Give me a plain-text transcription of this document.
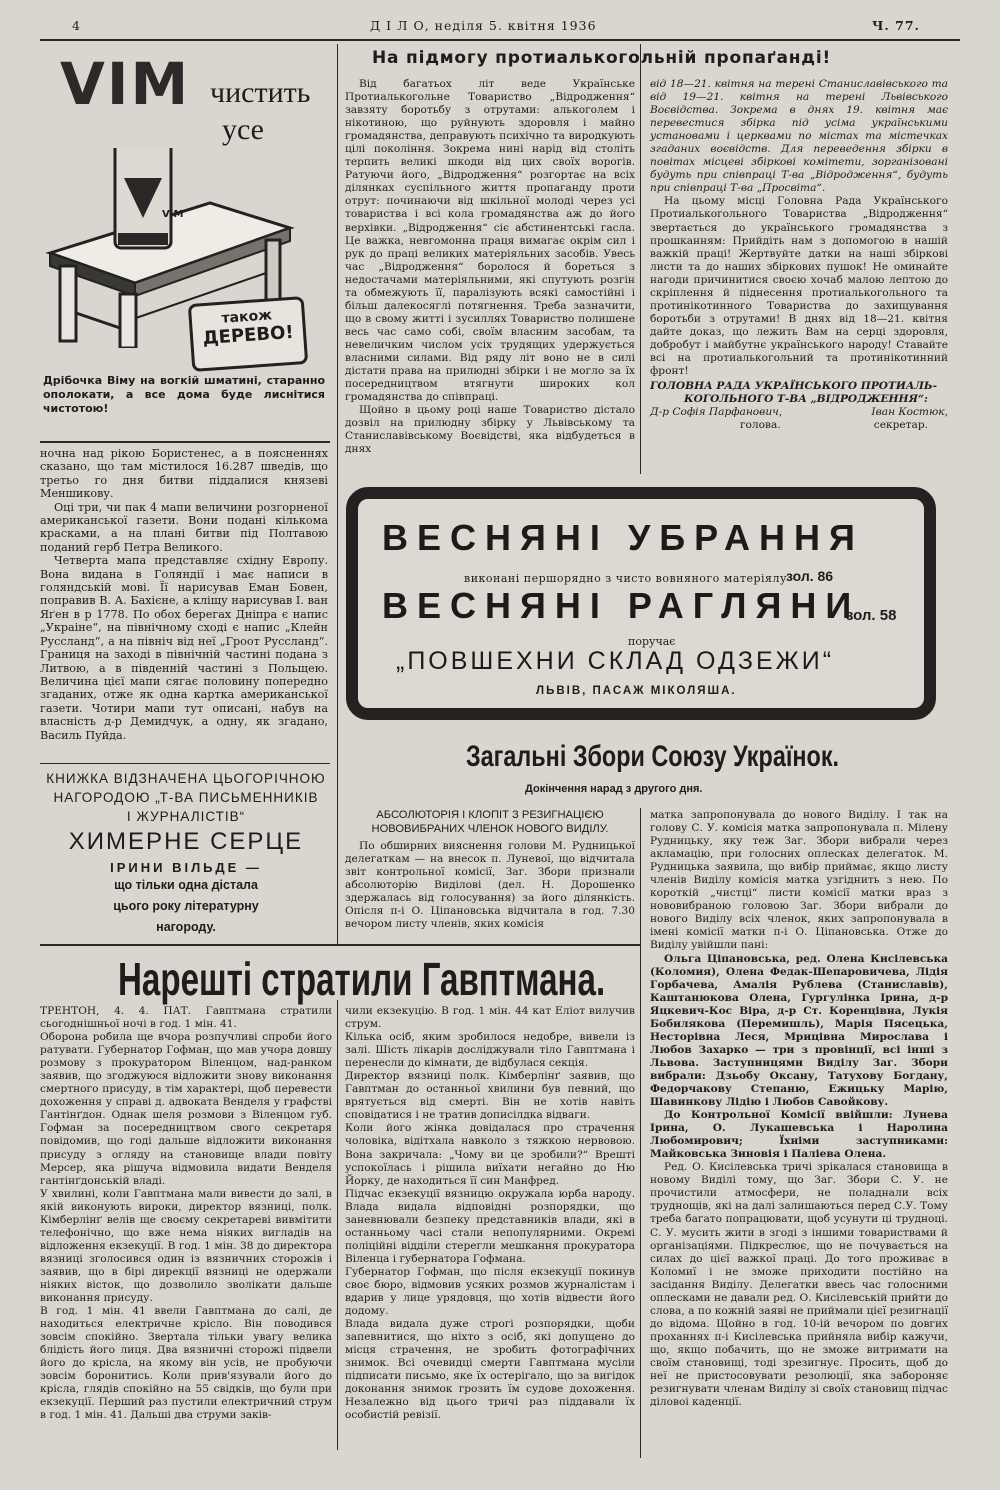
4	Д І Л О, неділя 5. квітня 1936	Ч. 77.
VIM чистить
усе
VIM
також
ДЕРЕВО!
Дрібочка Віму на вогкій шматині, старанно ополокати, а все дома буде лиснітися чистотою!

ночна над рікою Бористенес, а в поясненнях сказано, що там містилося 16.287 шведів, що третьо го дня битви піддалися князеві Меншикову.

Оці три, чи пак 4 мапи величини розгорненої американської газети. Вони подані кількома красками, а на плані битви під Полтавою поданий герб Петра Великого.

Четверта мапа представляє східну Европу. Вона видана в Голяндії і має написи в голяндській мові. Її нарисував Еман Бовен, поправив В. А. Бахієне, а кліщу нарисував І. ван Яґен в р 1778. По обох берегах Дніпра є напис „Украіне“, на північному сході є напис „Клейн Руссланд“, а на північ від неї „Гроот Руссланд“. Границя на заході в північній частині подана з Литвою, а в південній частині з Польщею. Величина цієї мапи сягає половину попередно згаданих, отже як одна картка американської газети. Чотири мапи тут описані, набув на власність д-р Демидчук, а одну, як згадано, Василь Пуйда.

КНИЖКА ВІДЗНАЧЕНА ЦЬОГОРІЧНОЮ
НАГОРОДОЮ „Т-ВА ПИСЬМЕННИКІВ
І ЖУРНАЛІСТІВ“
ХИМЕРНЕ СЕРЦЕ
ІРИНИ ВІЛЬДЕ —
що тільки одна дістала
цього року літературну
нагороду.
На підмогу протиалькогольній пропаґанді!

Від багатьох літ веде Українське Протиалькогольне Товариство „Відродження“ завзяту боротьбу з отрутами: алькоголем і нікотиною, що руйнують здоровля і майно громадянства, деправують психічно та виродкують цілі покоління. Зокрема нині нарід від століть терпить великі шкоди від цих своїх ворогів. Ратуючи його, „Відродження“ розгортає на всіх ділянках суспільного життя пропаганду проти отрут: починаючи від шкільної молоді через усі товариства і всі кола громадянства аж до його верхівки. „Відродження“ сіє абстинентські гасла. Це важка, невгомонна праця вимагає окрім сил і рук до праці великих матеріяльних засобів. Увесь час „Відродження“ боролося й бореться з недостачами матеріяльними, які спутують розгін та обмежують її, паралізують всякі самостійні і більш далекосяглі потягнення. Треба зазначити, що в свому житті і зусиллях Товариство полишене весь час само собі, своїм власним засобам, та невеличким числом усіх трудящих удержується власними силами. Від ряду літ воно не в силі дістати права на прилюдні збірки і не могло за їх посередництвом втягнути широких кол громадянства до співпраці.

Щойно в цьому році наше Товариство дістало дозвіл на прилюдну збірку у Львівському та Станиславівському Воєвідстві, яка відбудеться в днях

від 18—21. квітня на терені Станиславівського та від 19—21. квітня на терені Львівського Воєвідства. Зокрема в днях 19. квітня має перевестися збірка під усіма українськими установами і церквами по містах та містечках згаданих воєвідств. Для переведення збірки в повітах місцеві збіркові комітети, зорганізовані будуть при співпраці Т-ва „Відродження“, будуть при співпраці Т-ва „Просвіта“.

На цьому місці Головна Рада Українського Протиалькогольного Товариства „Відродження“ звертається до українського громадянства з прошканням: Прийдіть нам з допомогою в нашій важкій праці! Жертвуйте датки на наші збіркові листи та до наших збіркових пушок! Не оминайте нагоди причинитися своєю хочаб малою лептою до скріплення й піднесення протиалькогольного та протинікотинного Товариства до захищування боротьби з отрутами! В днях від 18—21. квітня дайте доказ, що лежить Вам на серці здоровля, добробут і майбутнє українського народу! Ставайте всі на протиалькогольний та протинікотинний фронт!

ГОЛОВНА РАДА УКРАЇНСЬКОГО ПРОТИАЛЬ-
КОГОЛЬНОГО Т-ВА „ВІДРОДЖЕННЯ“:
Д-р Софія Парфанович,	Іван Костюк,
голова.	секретар.
ВЕСНЯНІ УБРАННЯ
виконані першорядно з чисто вовняного матеріялу зол. 86
ВЕСНЯНІ РАГЛЯНИ
зол. 58
поручає
„ПОВШЕХНИ СКЛАД ОДЗЕЖИ“
ЛЬВІВ, ПАСАЖ МІКОЛЯША.
Загальні Збори Союзу Українок.
Докінчення нарад з другого дня.
АБСОЛЮТОРІЯ І КЛОПІТ З РЕЗИГНАЦІЄЮ
НОВОВИБРАНИХ ЧЛЕНОК НОВОГО ВИДІЛУ.

По обширних вияснення голови М. Рудницької делегаткам — на внесок п. Луневої, що відчитала звіт контрольної комісії, Заг. Збори признали абсолюторію Виділові (дел. Н. Дорошенко здержалась від голосування) за його ділянкість. Опісля п-і О. Ціпановська відчитала в год. 7.30 вечором листу членів, яких комісія

матка запропонувала до нового Виділу. І так на голову С. У. комісія матка запропонувала п. Мілену Рудницьку, яку теж Заг. Збори вибрали через акламацію, при голосних оплесках делегаток. М. Рудницька заявила, що вибір приймає, якщо листу членів Виділу комісія матка узгіднить з нею. По короткій „чистці“ листи комісії матки враз з нововибраною головою Заг. Збори вибрали до нового Виділу всіх членок, яких запропонувала в імені комісії матки п-і О. Ціпановська. Отже до Виділу увійшли пані:

Ольга Ціпановська, ред. Олена Кисілевська (Коломия), Олена Федак-Шепаровичева, Лідія Горбачева, Амалія Рублева (Станиславів), Каштанюкова Олена, Гургулінка Ірина, д-р Яцкевич-Кос Віра, д-р Ст. Коренцівна, Лукія Бобилякова (Перемишль), Марія Пясецька, Несторівна Леся, Мриців​на Мирослава і Любов Захарко — три з провінції, всі інші з Львова. Заступницями Виділу Заг. Збори вибрали: Дзьобу Оксану, Татухову Богдану, Федорчакову Степаню, Ежицьку Марію, Шавинкову Лідію і Любов Савойкову.

До Контрольної Комісії ввійшли: Лунева Ірина, О. Лукашевська і Наролина Любомирович; Їхніми заступниками: Майковська Зинов​ія і Паліева Олена.

Ред. О. Кисілевська тричі зрікалася становища в новому Виділі тому, що Заг. Збори С. У. не прочистили атмосфери, не поладнали всіх труднощів, які на далі залишаються перед С.У. Тому треба багато попрацювати, щоб усунути ці трудноці. С. У. мусить жити в згоді з іншими товариствами й організаціями. Підкреслює, що не почувається на силах до цієї важкої праці. До того проживає в Коломиї і не зможе приходити постійно на засідання Виділу. Делегатки ввесь час голосними оплесками не давали ред. О. Кисілевській прийти до слова, а по кожній заяві не приймали цієї резигнації до відома. Щойно в год. 10-ій вечором по довгих проханнях п-і Кисілевська прийняла вибір кажучи, що, якщо побачить, що не зможе витримати на своїм становищі, тоді зрезигнує. Просить, щоб до неї не пристосовувати резолюції, яка забороняє резигнувати членам Виділу зі своїх становищ підчас діловоі каденції.

Нарешті стратили Гавптмана.
ТРЕНТОН, 4. 4. ПАТ. Гавптмана стратили сьогоднішньої ночі в год. 1 мін. 41.
Оборона робила ще вчора розпучливі спроби його ратувати. Губернатор Гофман, що мав учора довшу розмову з прокуратором Віленцом, над-ранком заявив, що згоджуюся відложити знову виконання смертного присуду, в тім характері, щоб перевести дохоження у справі д. адвоката Венделя у графстві Гантінґдон. Однак шеля розмови з Віленцом губ. Гофман за посередництвом свого секретаря повідомив, що годі дальше відложити виконання присуду з огляду на становище влади повіту Мерсер, яка рішуча відмовила видати Венделя гантінґдонській владі.
У хвилині, коли Гавптмана мали вивести до залі, в якій виконують вироки, директор вязниці, полк. Кімберлінґ велів ще своєму секретареві вивмітити телефонічно, що вже нема ніяких вигладів на відложення екзекуції. В год. 1 мін. 38 до директора вязниці зголосився один із вязничних сторожів і заявив, що в бірі дирекції вязниці не одержали ніяких вісток, що дозволило зволікати дальше виконання присуду.
В год. 1 мін. 41 ввели Гавптмана до салі, де находиться електричне крісло. Він поводився зовсім спокійно. Звертала тільки увагу велика блідість його лиця. Два вязничні сторожі підвели його до крісла, на якому він усів, не пробуючи зовсім боронитись. Коли прив'язували його до крісла, глядів спокійно на 55 свідків, що були при екзекуції. Перший раз пустили електричний струм в год. 1 мін. 41. Дальші два струми заків-
чили екзекуцію. В год. 1 мін. 44 кат Еліот вилучив струм.
Кілька осіб, яким зробилося недобре, вивели із залі. Шість лікарів досліджували тіло Гавптмана і перенесли до кімнати, де відбулася секція.
Директор вязниці полк. Кімберлінґ заявив, що Гавптман до останньої хвилини був певний, що врятується від смерті. Він не хотів навіть сповідатися і не тратив дописілдка відваги.
Коли його жінка довідалася про страчення чоловіка, відітхала навколо з тяжкою нервовою. Вона закричала: „Чому ви це зробили?“ Врешті успокоїлась і рішила виїхати негайно до Ню Йорку, де находиться її син Манфред.
Підчас екзекуції вязницю окружала юрба народу. Влада видала відповідні розпорядки, що заневнювали безпеку представників влади, які в останньому часі стали непопулярними. Окремі поліційні відділи стерегли мешкання прокуратора Віленца і губернатора Гофмана.
Губернатор Гофман, що після екзекуції покинув своє бюро, відмовив усяких розмов журналістам і вдарив у лице урядовця, що хотів відвести його додому.
Влада видала дуже строгі розпорядки, щоби запевнитися, що ніхто з осіб, які допущено до місця страчення, не зробить фотографічних знимок. Всі очевидці смерти Гавптмана мусіли підписати письмо, яке їх остерігало, що за вигідок доконання знимок грозить їм судове дохоження. Незалежно від цього тричі раз піддавали їх особистій ревізії.
